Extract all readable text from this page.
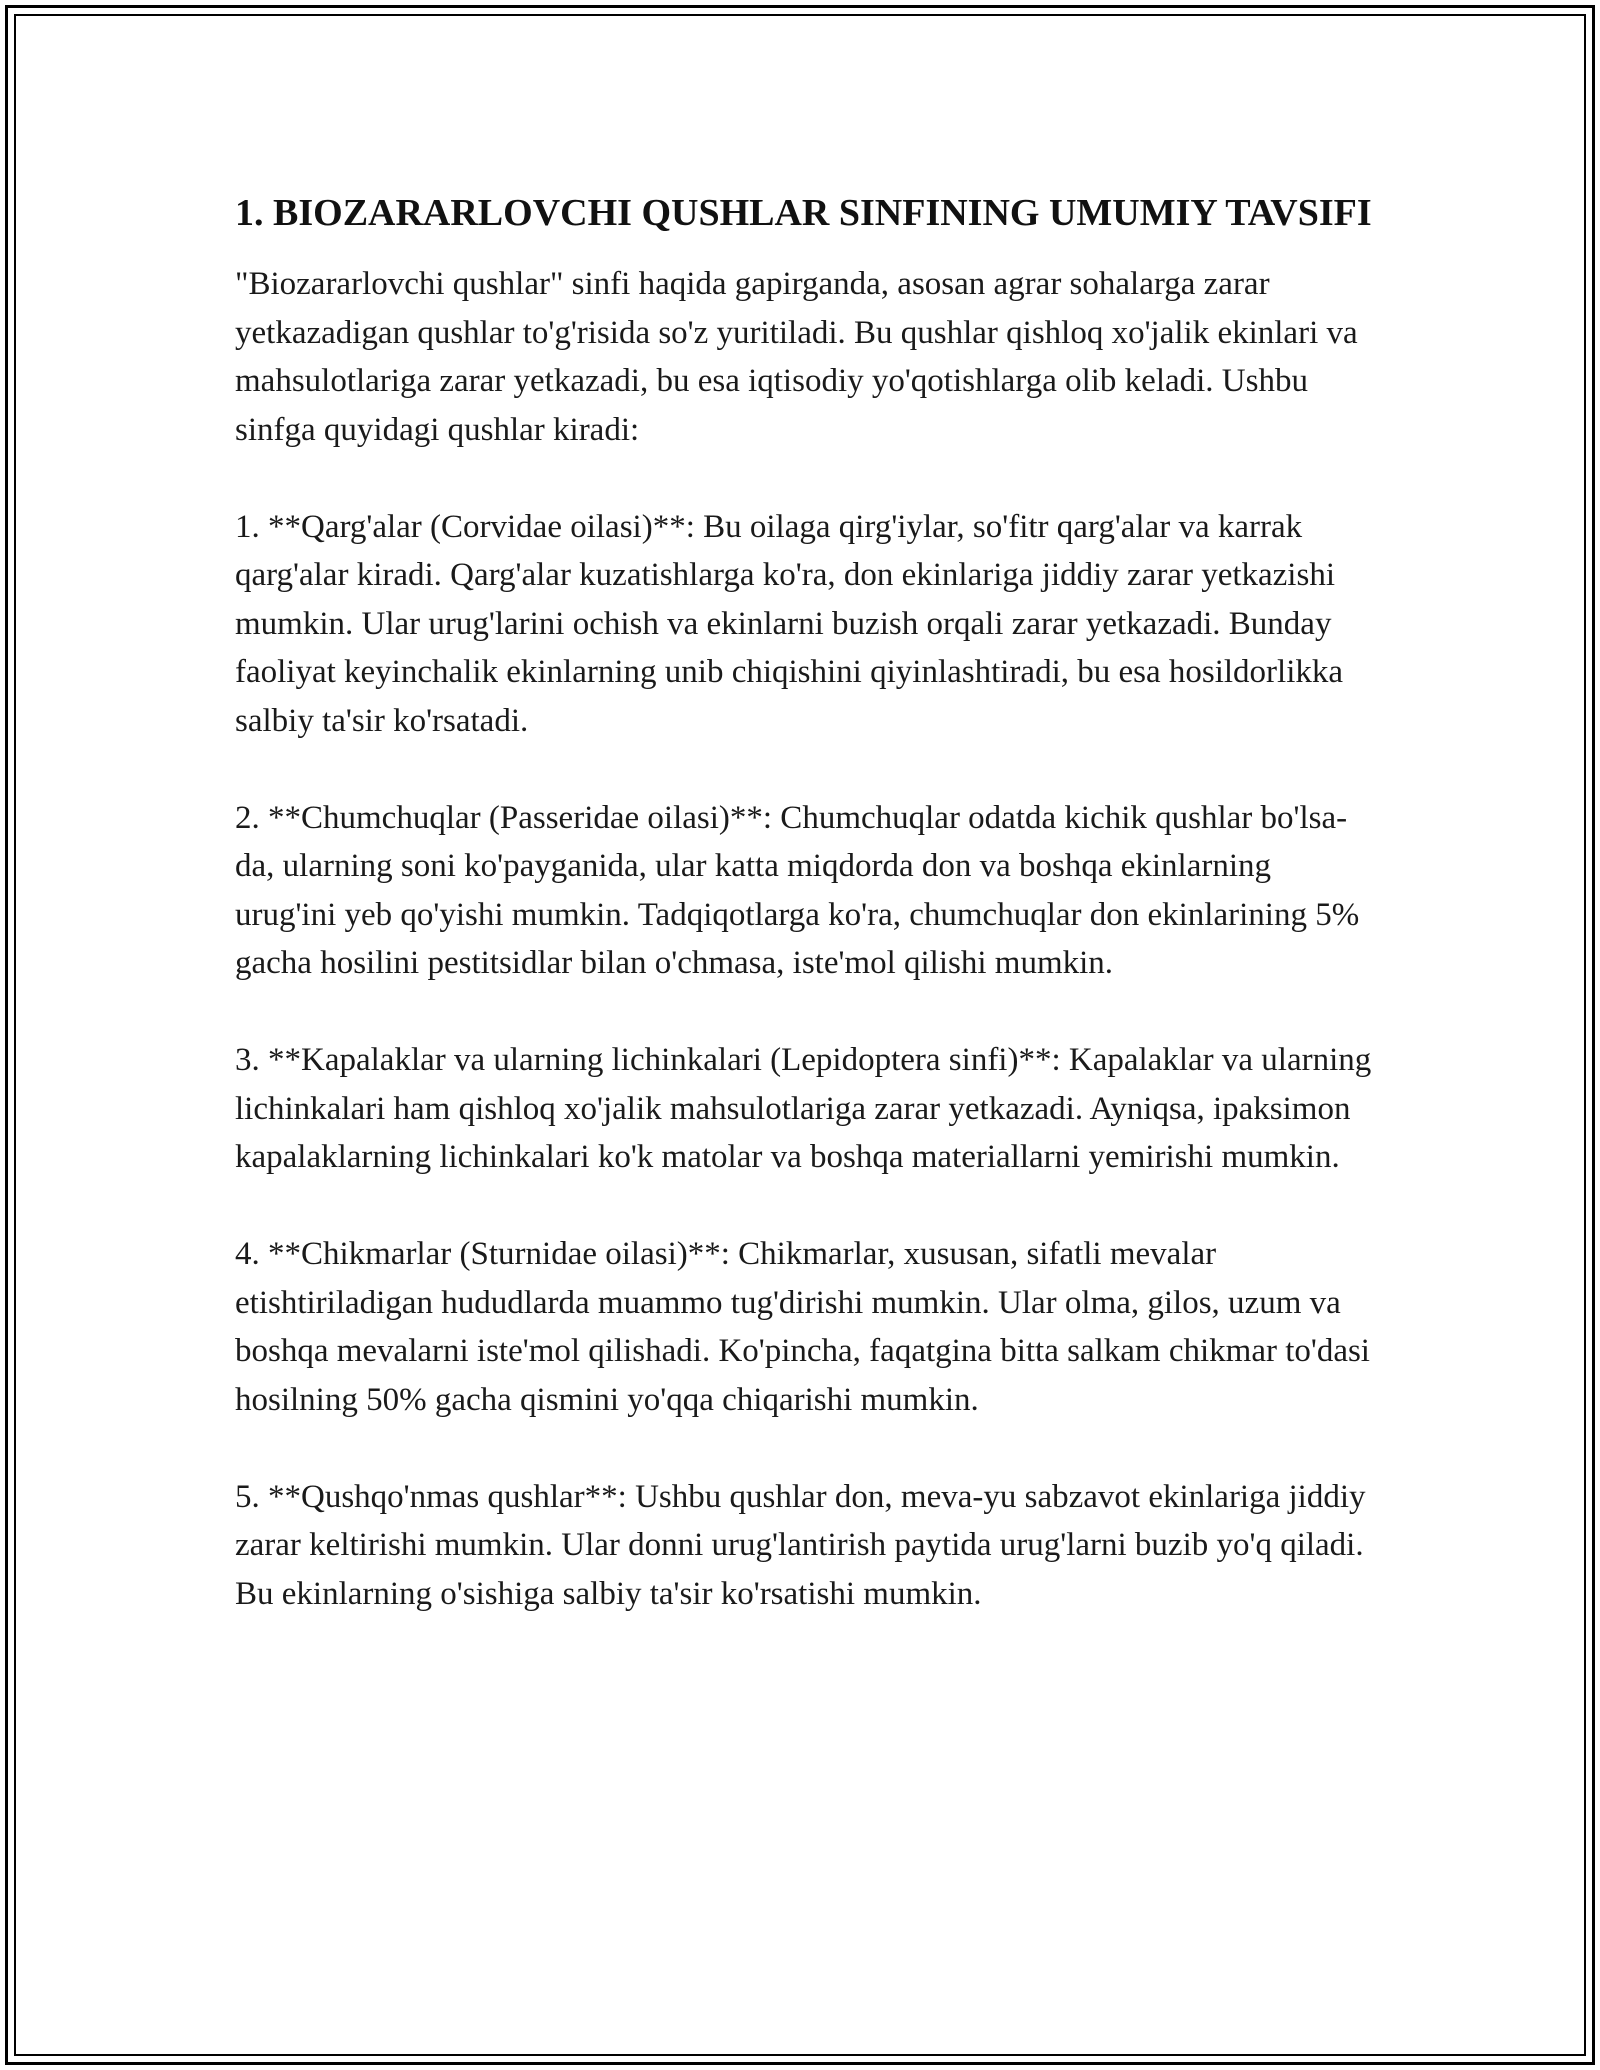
1. BIOZARARLOVCHI QUSHLAR SINFINING UMUMIY TAVSIFI

"Biozararlovchi qushlar" sinfi haqida gapirganda, asosan agrar sohalarga zarar yetkazadigan qushlar to'g'risida so'z yuritiladi. Bu qushlar qishloq xo'jalik ekinlari va mahsulotlariga zarar yetkazadi, bu esa iqtisodiy yo'qotishlarga olib keladi. Ushbu sinfga quyidagi qushlar kiradi:

1. **Qarg'alar (Corvidae oilasi)**: Bu oilaga qirg'iylar, so'fitr qarg'alar va karrak qarg'alar kiradi. Qarg'alar kuzatishlarga ko'ra, don ekinlariga jiddiy zarar yetkazishi mumkin. Ular urug'larini ochish va ekinlarni buzish orqali zarar yetkazadi. Bunday faoliyat keyinchalik ekinlarning unib chiqishini qiyinlashtiradi, bu esa hosildorlikka salbiy ta'sir ko'rsatadi.

2. **Chumchuqlar (Passeridae oilasi)**: Chumchuqlar odatda kichik qushlar bo'lsa-da, ularning soni ko'payganida, ular katta miqdorda don va boshqa ekinlarning urug'ini yeb qo'yishi mumkin. Tadqiqotlarga ko'ra, chumchuqlar don ekinlarining 5% gacha hosilini pestitsidlar bilan o'chmasa, iste'mol qilishi mumkin.

3. **Kapalaklar va ularning lichinkalari (Lepidoptera sinfi)**: Kapalaklar va ularning lichinkalari ham qishloq xo'jalik mahsulotlariga zarar yetkazadi. Ayniqsa, ipaksimon kapalaklarning lichinkalari ko'k matolar va boshqa materiallarni yemirishi mumkin.

4. **Chikmarlar (Sturnidae oilasi)**: Chikmarlar, xususan, sifatli mevalar etishtiriladigan hududlarda muammo tug'dirishi mumkin. Ular olma, gilos, uzum va boshqa mevalarni iste'mol qilishadi. Ko'pincha, faqatgina bitta salkam chikmar to'dasi hosilning 50% gacha qismini yo'qqa chiqarishi mumkin.

5. **Qushqo'nmas qushlar**: Ushbu qushlar don, meva-yu sabzavot ekinlariga jiddiy zarar keltirishi mumkin. Ular donni urug'lantirish paytida urug'larni buzib yo'q qiladi. Bu ekinlarning o'sishiga salbiy ta'sir ko'rsatishi mumkin.
